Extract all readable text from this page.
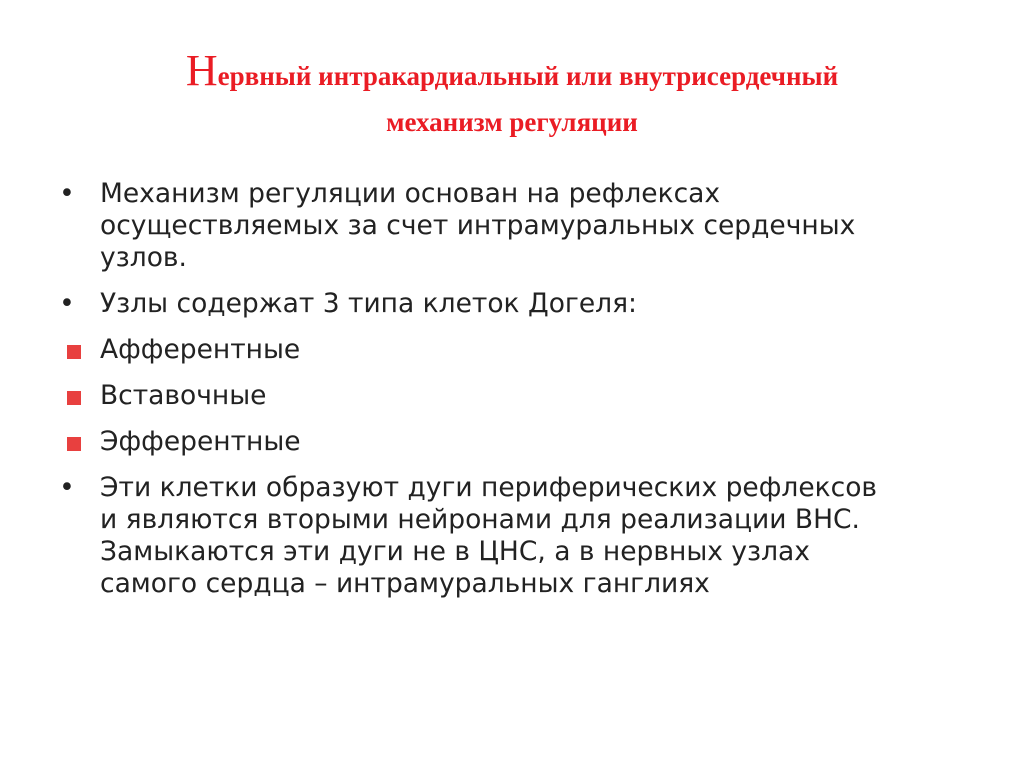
Нервный интракардиальный или внутрисердечный
механизм регуляции
• Механизм регуляции основан на рефлексах осуществляемых за счет интрамуральных сердечных узлов.
• Узлы содержат 3 типа клеток Догеля:
Афферентные
Вставочные
Эфферентные
• Эти клетки образуют дуги периферических рефлексов и являются вторыми нейронами для реализации ВНС. Замыкаются эти дуги не в ЦНС, а в нервных узлах самого сердца – интрамуральных ганглиях
